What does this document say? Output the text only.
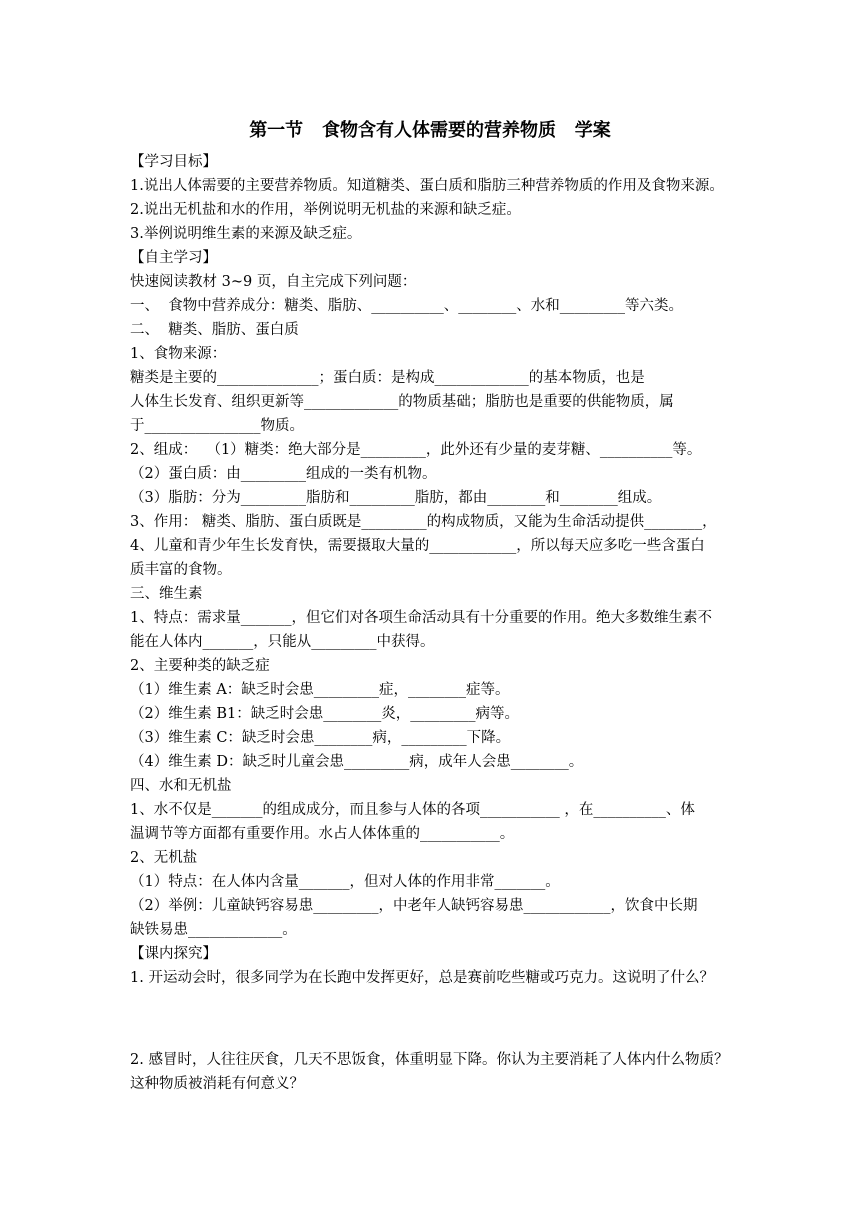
第一节   食物含有人体需要的营养物质   学案
【学习目标】
1.说出人体需要的主要营养物质。知道糖类、蛋白质和脂肪三种营养物质的作用及食物来源。
2.说出无机盐和水的作用，举例说明无机盐的来源和缺乏症。
3.举例说明维生素的来源及缺乏症。
【自主学习】
快速阅读教材 3~9 页，自主完成下列问题：
一、  食物中营养成分：糖类、脂肪、__________、________、水和_________等六类。
二、  糖类、脂肪、蛋白质
1、食物来源：
糖类是主要的______________；蛋白质：是构成_____________的基本物质，也是
人体生长发育、组织更新等_____________的物质基础；脂肪也是重要的供能物质，属
于________________物质。
2、组成：  （1）糖类：绝大部分是_________，此外还有少量的麦芽糖、__________等。
（2）蛋白质：由_________组成的一类有机物。
（3）脂肪：分为_________脂肪和_________脂肪，都由________和________组成。
3、作用： 糖类、脂肪、蛋白质既是_________的构成物质，又能为生命活动提供________，
4、儿童和青少年生长发育快，需要摄取大量的____________，所以每天应多吃一些含蛋白
质丰富的食物。
三、维生素
1、特点：需求量_______，但它们对各项生命活动具有十分重要的作用。绝大多数维生素不
能在人体内_______，只能从_________中获得。
2、主要种类的缺乏症
（1）维生素 A：缺乏时会患_________症，________症等。
（2）维生素 B1：缺乏时会患________炎，_________病等。
（3）维生素 C：缺乏时会患________病，_________下降。
（4）维生素 D：缺乏时儿童会患_________病，成年人会患________。
四、水和无机盐
1、水不仅是_______的组成成分，而且参与人体的各项___________ ，在__________、体
温调节等方面都有重要作用。水占人体体重的___________。
2、无机盐
（1）特点：在人体内含量_______，但对人体的作用非常_______。
（2）举例：儿童缺钙容易患_________，中老年人缺钙容易患____________，饮食中长期
缺铁易患_____________。
【课内探究】
1. 开运动会时，很多同学为在长跑中发挥更好，总是赛前吃些糖或巧克力。这说明了什么？
2. 感冒时，人往往厌食，几天不思饭食，体重明显下降。你认为主要消耗了人体内什么物质？
这种物质被消耗有何意义？
